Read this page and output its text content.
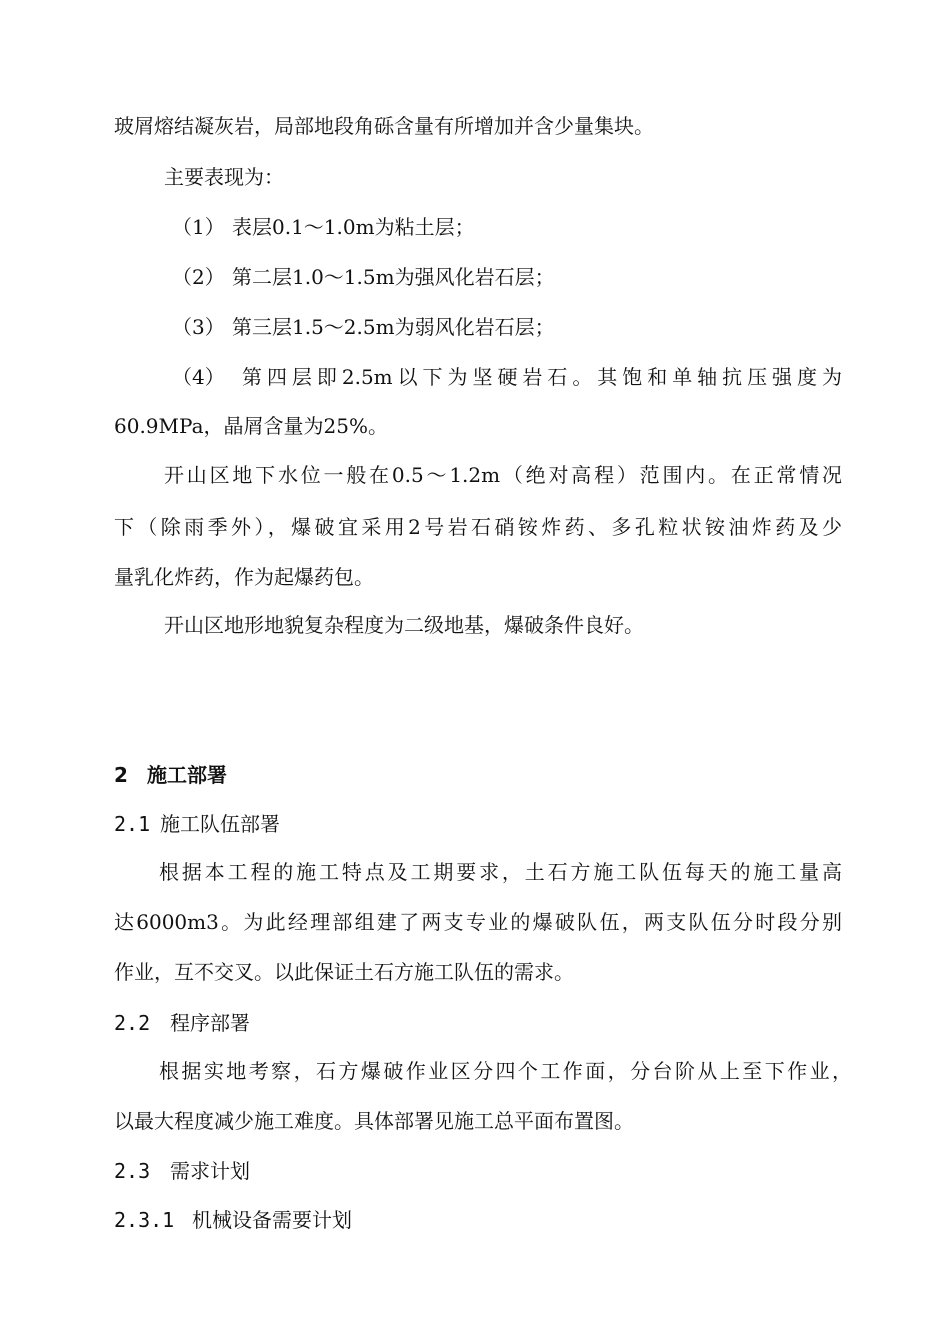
玻屑熔结凝灰岩，局部地段角砾含量有所增加并含少量集块。
主要表现为：
（1） 表层0.1～1.0m为粘土层；
（2） 第二层1.0～1.5m为强风化岩石层；
（3） 第三层1.5～2.5m为弱风化岩石层；
（4） 第四层即2.5m以下为坚硬岩石。其饱和单轴抗压强度为
60.9MPa，晶屑含量为25%。
开山区地下水位一般在0.5～1.2m（绝对高程）范围内。在正常情况
下（除雨季外），爆破宜采用2号岩石硝铵炸药、多孔粒状铵油炸药及少
量乳化炸药，作为起爆药包。
开山区地形地貌复杂程度为二级地基，爆破条件良好。
2 施工部署
2.1 施工队伍部署
根据本工程的施工特点及工期要求，土石方施工队伍每天的施工量高
达6000m3。为此经理部组建了两支专业的爆破队伍，两支队伍分时段分别
作业，互不交叉。以此保证土石方施工队伍的需求。
2.2 程序部署
根据实地考察，石方爆破作业区分四个工作面，分台阶从上至下作业，
以最大程度减少施工难度。具体部署见施工总平面布置图。
2.3 需求计划
2.3.1 机械设备需要计划
